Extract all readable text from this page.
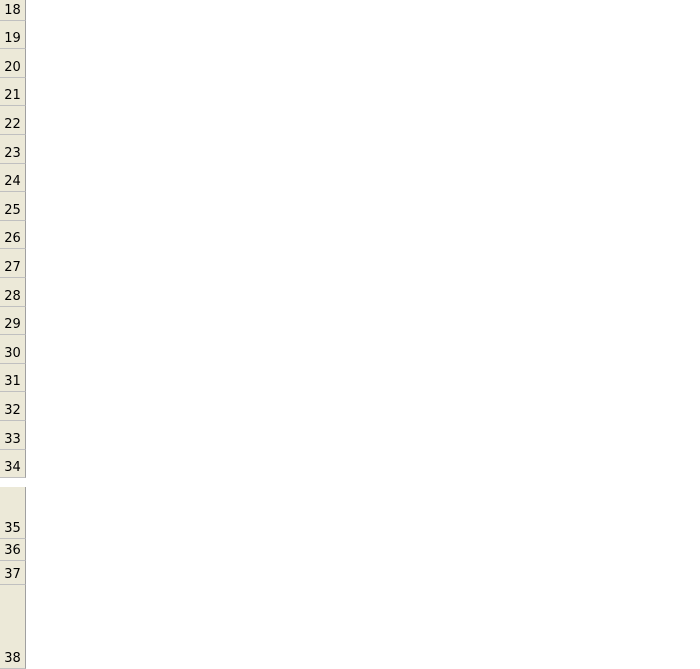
18
19
20
21
22
23
24
25
26
27
28
29
30
31
32
33
34
35
36
37
38
